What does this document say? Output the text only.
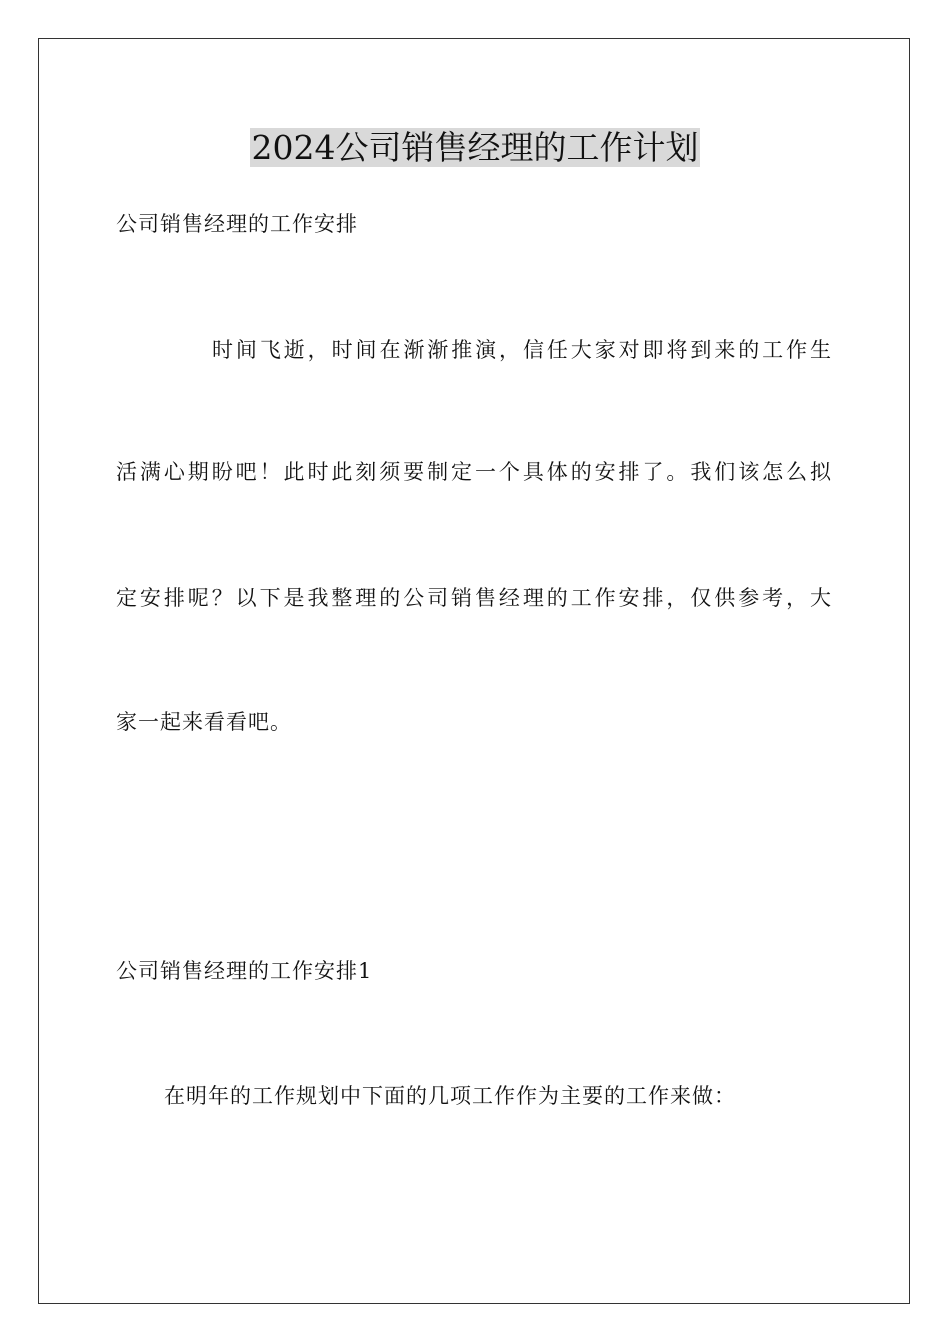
2024公司销售经理的工作计划
公司销售经理的工作安排
时间飞逝，时间在渐渐推演，信任大家对即将到来的工作生
活满心期盼吧！此时此刻须要制定一个具体的安排了。我们该怎么拟
定安排呢？以下是我整理的公司销售经理的工作安排，仅供参考，大
家一起来看看吧。
公司销售经理的工作安排1
在明年的工作规划中下面的几项工作作为主要的工作来做：
